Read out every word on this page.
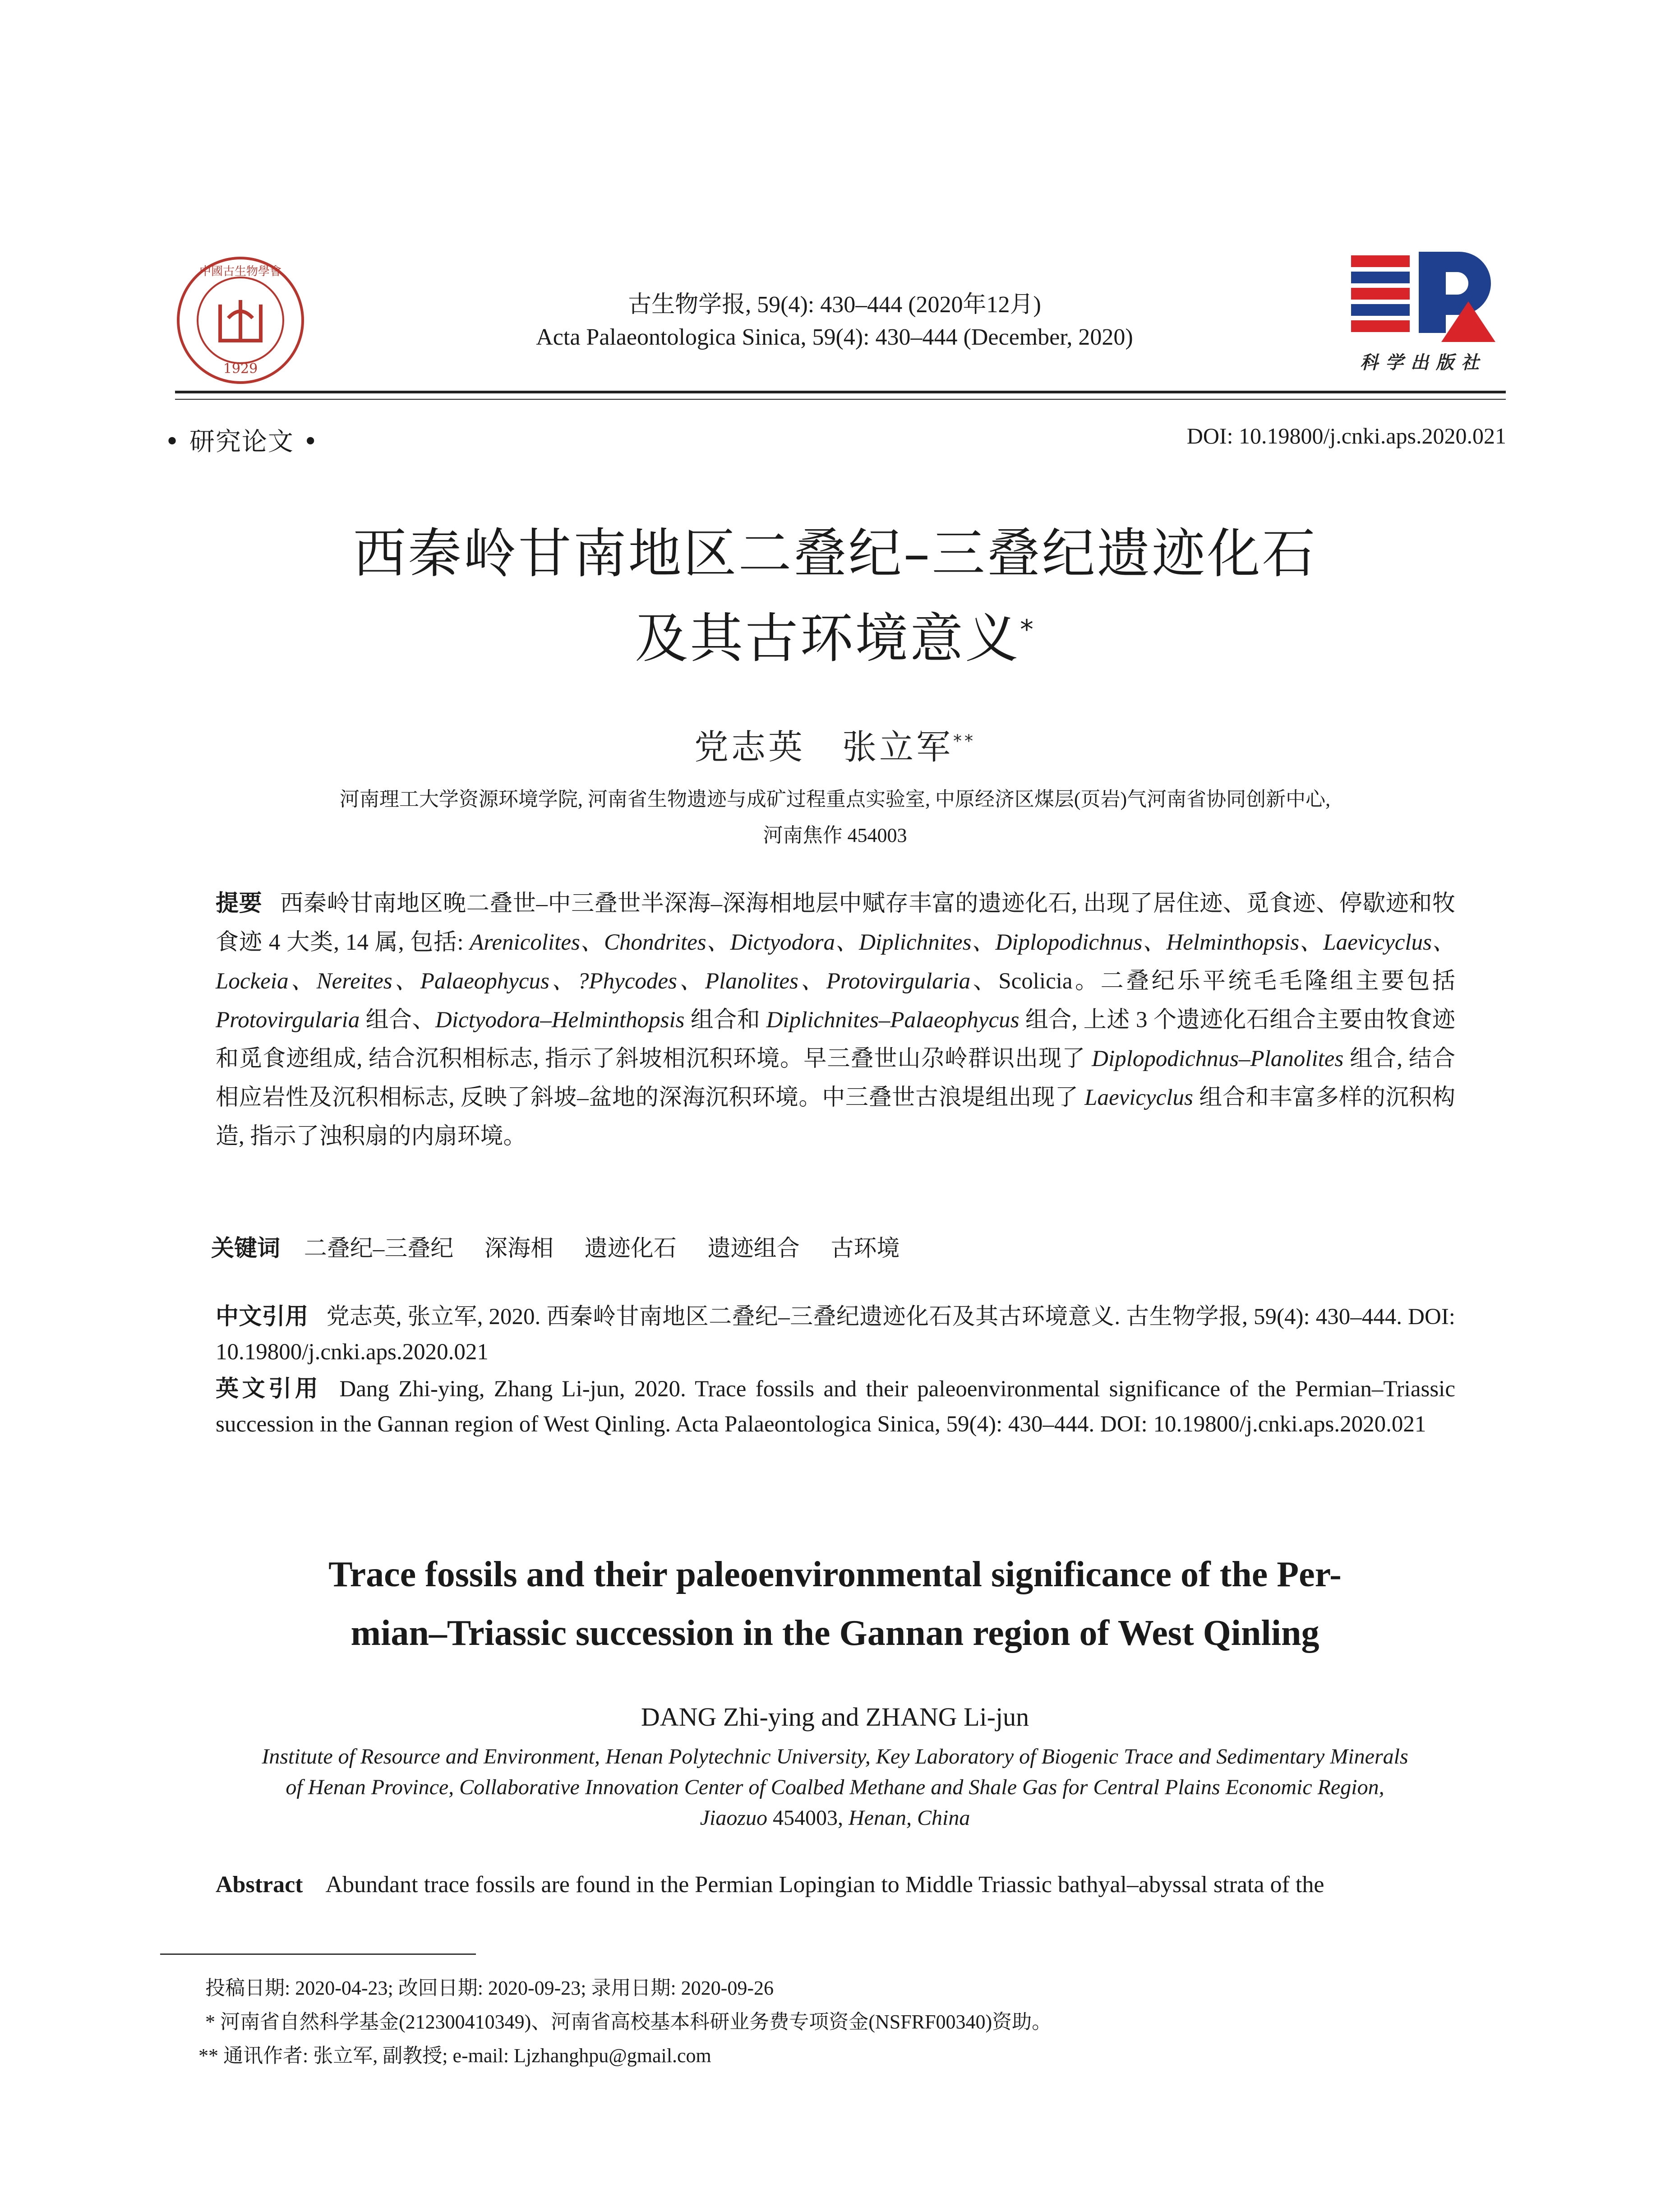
1929
中國古生物學會
科学出版社
古生物学报, 59(4): 430–444 (2020年12月)
Acta Palaeontologica Sinica, 59(4): 430–444 (December, 2020)
• 研究论文 •	DOI: 10.19800/j.cnki.aps.2020.021
西秦岭甘南地区二叠纪–三叠纪遗迹化石
及其古环境意义*
党志英　张立军**
河南理工大学资源环境学院, 河南省生物遗迹与成矿过程重点实验室, 中原经济区煤层(页岩)气河南省协同创新中心,
河南焦作 454003
提要 西秦岭甘南地区晚二叠世–中三叠世半深海–深海相地层中赋存丰富的遗迹化石, 出现了居住迹、觅食迹、停歇迹和牧食迹 4 大类, 14 属, 包括: Arenicolites、Chondrites、Dictyodora、Diplichnites、Diplopodichnus、Helminthopsis、Laevicyclus、Lockeia、Nereites、Palaeophycus、?Phycodes、Planolites、Protovirgularia、Scolicia。二叠纪乐平统毛毛隆组主要包括 Protovirgularia 组合、Dictyodora–Helminthopsis 组合和 Diplichnites–Palaeophycus 组合, 上述 3 个遗迹化石组合主要由牧食迹和觅食迹组成, 结合沉积相标志, 指示了斜坡相沉积环境。早三叠世山尕岭群识出现了 Diplopodichnus–Planolites 组合, 结合相应岩性及沉积相标志, 反映了斜坡–盆地的深海沉积环境。中三叠世古浪堤组出现了 Laevicyclus 组合和丰富多样的沉积构造, 指示了浊积扇的内扇环境。
关键词 二叠纪–三叠纪 深海相 遗迹化石 遗迹组合 古环境
中文引用 党志英, 张立军, 2020. 西秦岭甘南地区二叠纪–三叠纪遗迹化石及其古环境意义. 古生物学报, 59(4): 430–444. DOI: 10.19800/j.cnki.aps.2020.021
英文引用 Dang Zhi-ying, Zhang Li-jun, 2020. Trace fossils and their paleoenvironmental significance of the Permian–Triassic succession in the Gannan region of West Qinling. Acta Palaeontologica Sinica, 59(4): 430–444. DOI: 10.19800/j.cnki.aps.2020.021
Trace fossils and their paleoenvironmental significance of the Per-
mian–Triassic succession in the Gannan region of West Qinling
DANG Zhi-ying and ZHANG Li-jun
Institute of Resource and Environment, Henan Polytechnic University, Key Laboratory of Biogenic Trace and Sedimentary Minerals
of Henan Province, Collaborative Innovation Center of Coalbed Methane and Shale Gas for Central Plains Economic Region,
Jiaozuo 454003, Henan, China
Abstract Abundant trace fossils are found in the Permian Lopingian to Middle Triassic bathyal–abyssal strata of the
投稿日期: 2020-04-23; 改回日期: 2020-09-23; 录用日期: 2020-09-26
* 河南省自然科学基金(212300410349)、河南省高校基本科研业务费专项资金(NSFRF00340)资助。
** 通讯作者: 张立军, 副教授; e-mail: Ljzhanghpu@gmail.com
